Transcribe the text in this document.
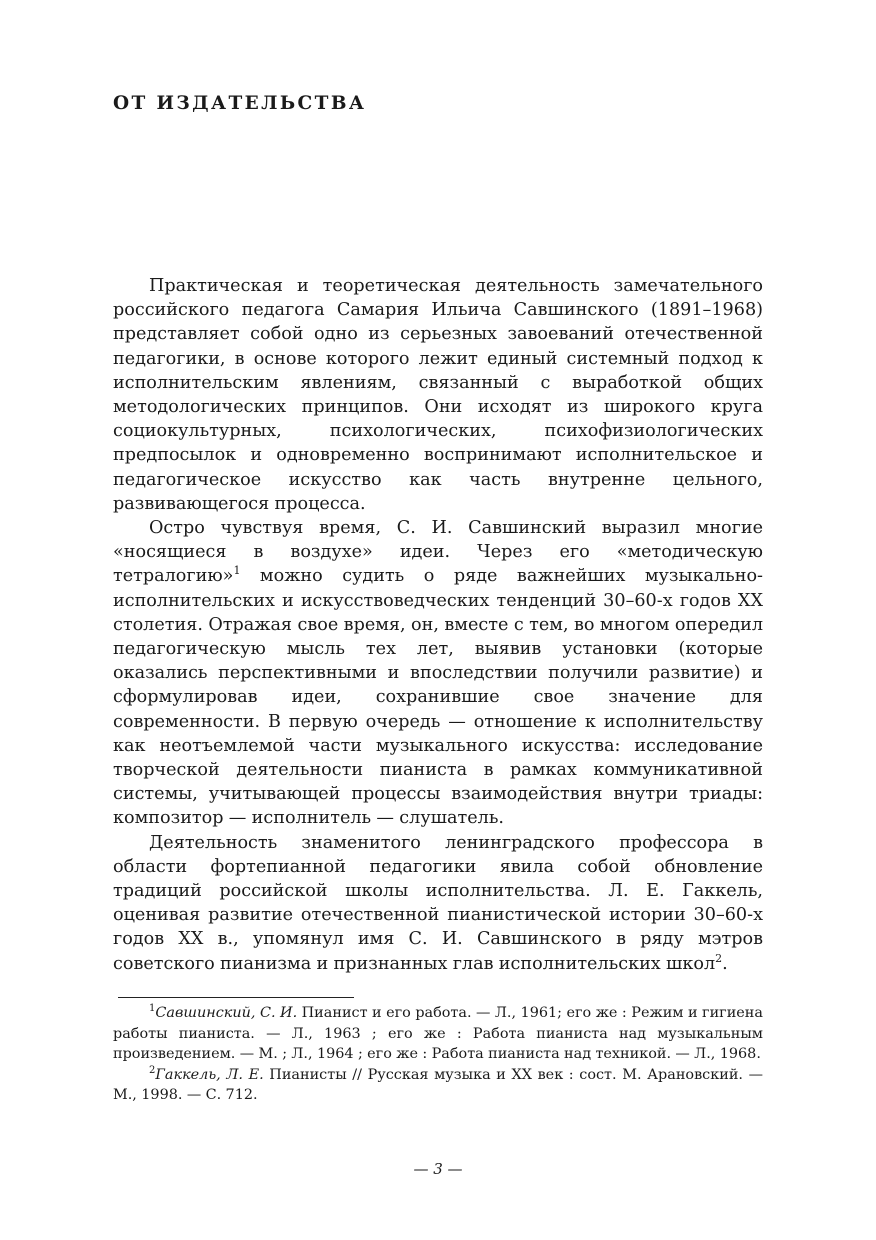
ОТ ИЗДАТЕЛЬСТВА

Практическая и теоретическая деятельность замечательного российского педагога Самария Ильича Савшинского (1891–1968) представляет собой одно из серьезных завоеваний отечественной педагогики, в основе которого лежит единый системный подход к исполнительским явлениям, связанный с выработкой общих методологических принципов. Они исходят из широкого круга социокультурных, психологических, психофизиологических предпосылок и одновременно воспринимают исполнительское и педагогическое искусство как часть внутренне цельного, развивающегося процесса.

Остро чувствуя время, С. И. Савшинский выразил многие «носящиеся в воздухе» идеи. Через его «методическую тетралогию»$^1$ можно судить о ряде важнейших музыкально-исполнительских и искусствоведческих тенденций 30–60-х годов XX столетия. Отражая свое время, он, вместе с тем, во многом опередил педагогическую мысль тех лет, выявив установки (которые оказались перспективными и впоследствии получили развитие) и сформулировав идеи, сохранившие свое значение для современности. В первую очередь — отношение к исполнительству как неотъемлемой части музыкального искусства: исследование творческой деятельности пианиста в рамках коммуникативной системы, учитывающей процессы взаимодействия внутри триады: композитор — исполнитель — слушатель.

Деятельность знаменитого ленинградского профессора в области фортепианной педагогики явила собой обновление традиций российской школы исполнительства. Л. Е. Гаккель, оценивая развитие отечественной пианистической истории 30–60-х годов XX в., упомянул имя С. И. Савшинского в ряду мэтров советского пианизма и признанных глав исполнительских школ$^2$.

$^1$Савшинский, С. И. Пианист и его работа. — Л., 1961; его же : Режим и гигиена работы пианиста. — Л., 1963 ; его же : Работа пианиста над музыкальным произведением. — М. ; Л., 1964 ; его же : Работа пианиста над техникой. — Л., 1968.

$^2$Гаккель, Л. Е. Пианисты // Русская музыка и XX век : сост. М. Арановский. — М., 1998. — С. 712.

— 3 —
